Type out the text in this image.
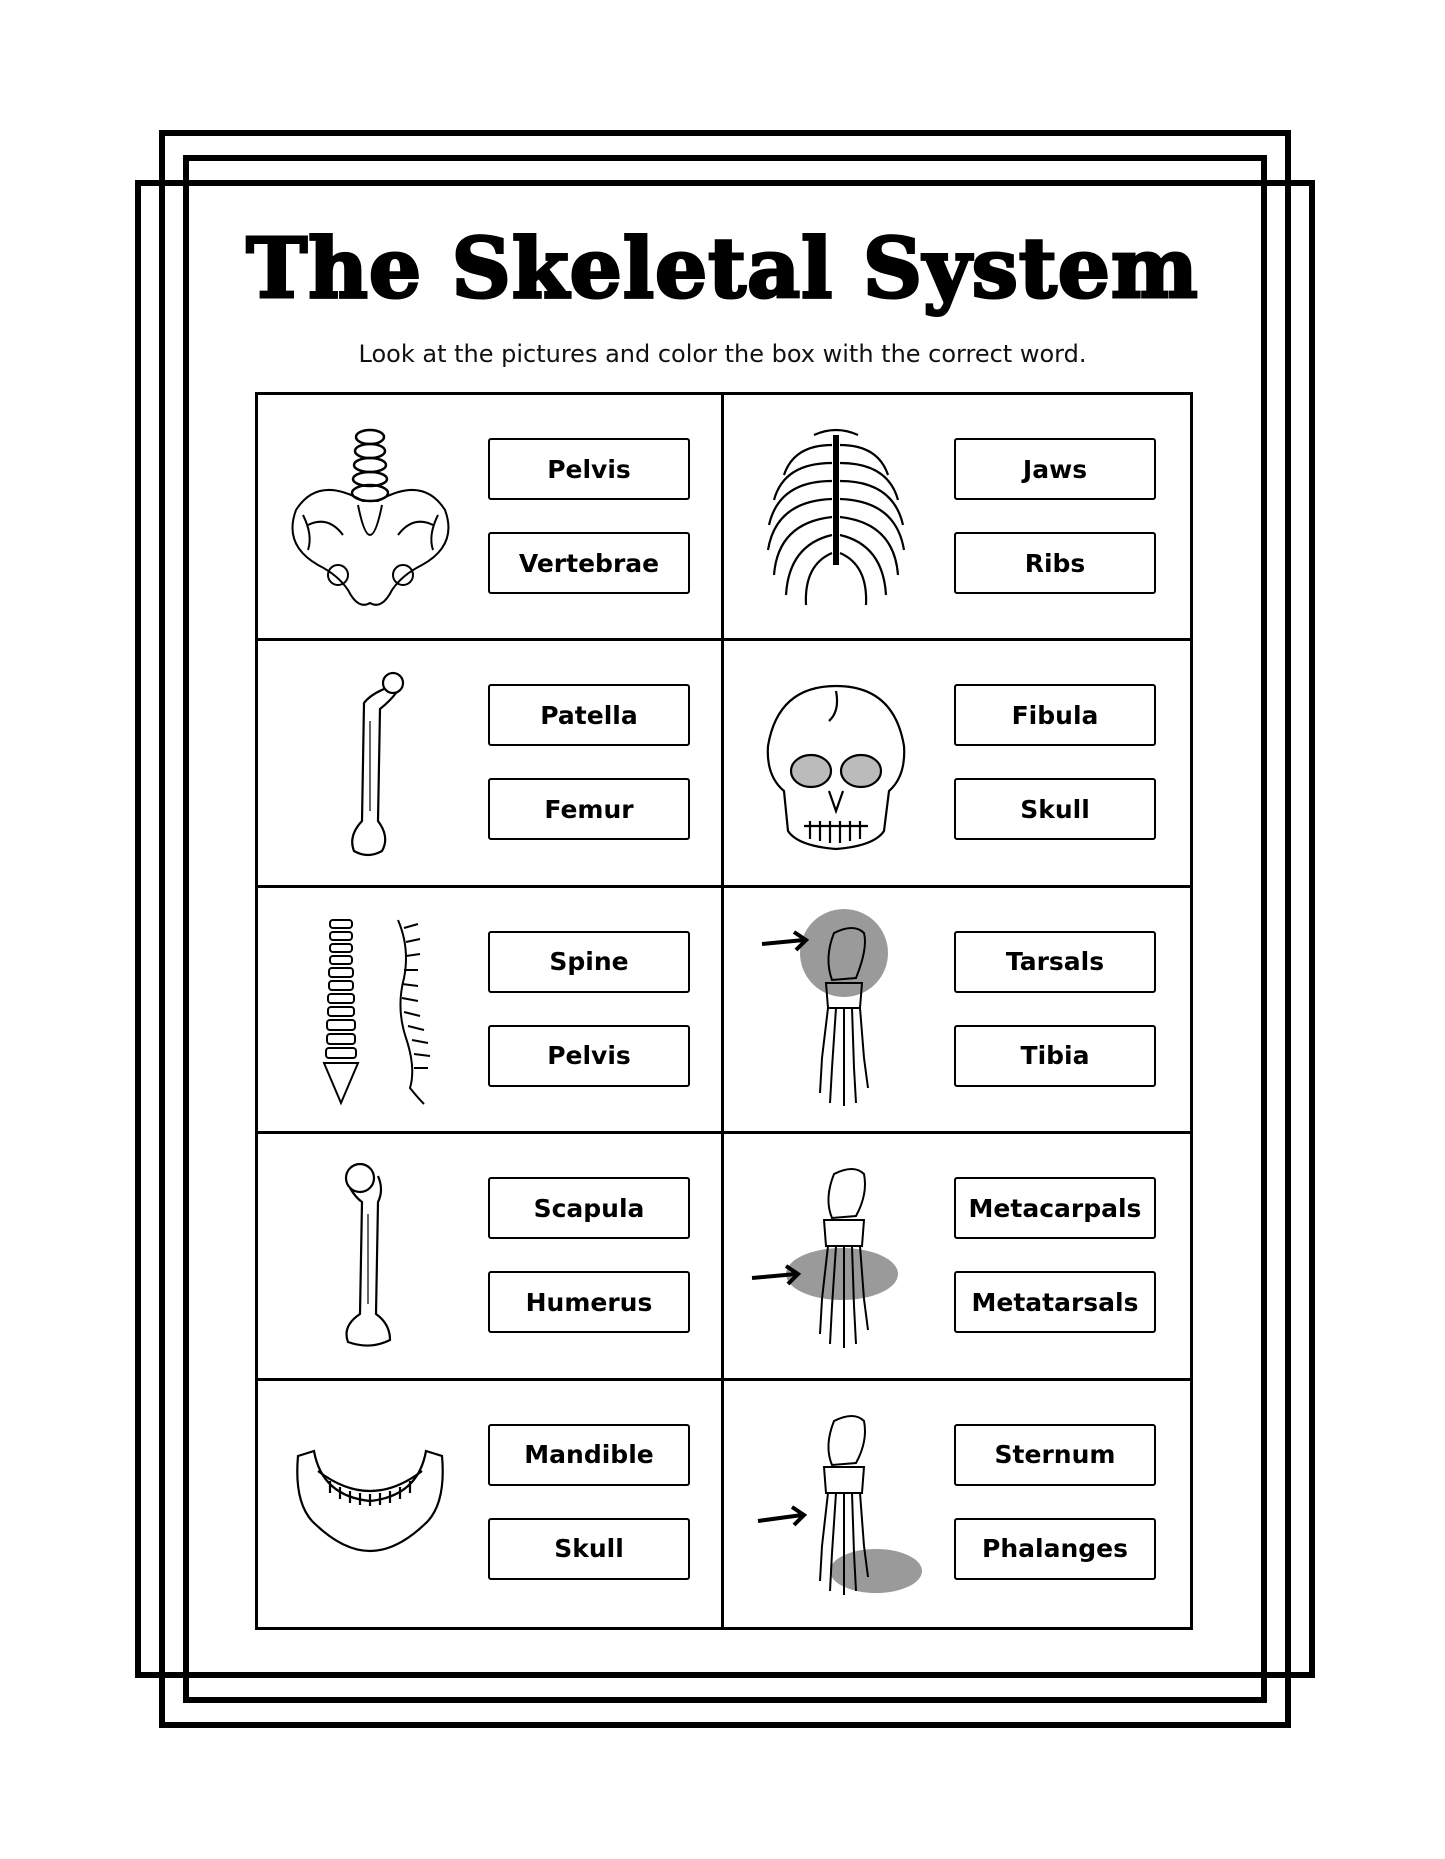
The Skeletal System
Look at the pictures and color the box with the correct word.
Pelvis
Vertebrae
Jaws
Ribs
Patella
Femur
Fibula
Skull
Spine
Pelvis
Tarsals
Tibia
Scapula
Humerus
Metacarpals
Metatarsals
Mandible
Skull
Sternum
Phalanges
